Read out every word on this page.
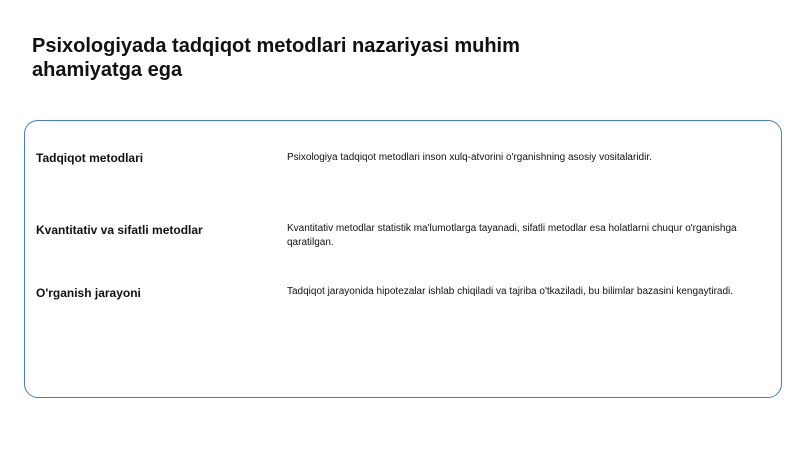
Psixologiyada tadqiqot metodlari nazariyasi muhim ahamiyatga ega
Tadqiqot metodlari	Psixologiya tadqiqot metodlari inson xulq-atvorini o'rganishning asosiy vositalaridir.
Kvantitativ va sifatli metodlar	Kvantitativ metodlar statistik ma'lumotlarga tayanadi, sifatli metodlar esa holatlarni chuqur o'rganishga qaratilgan.
O'rganish jarayoni	Tadqiqot jarayonida hipotezalar ishlab chiqiladi va tajriba o'tkaziladi, bu bilimlar bazasini kengaytiradi.
